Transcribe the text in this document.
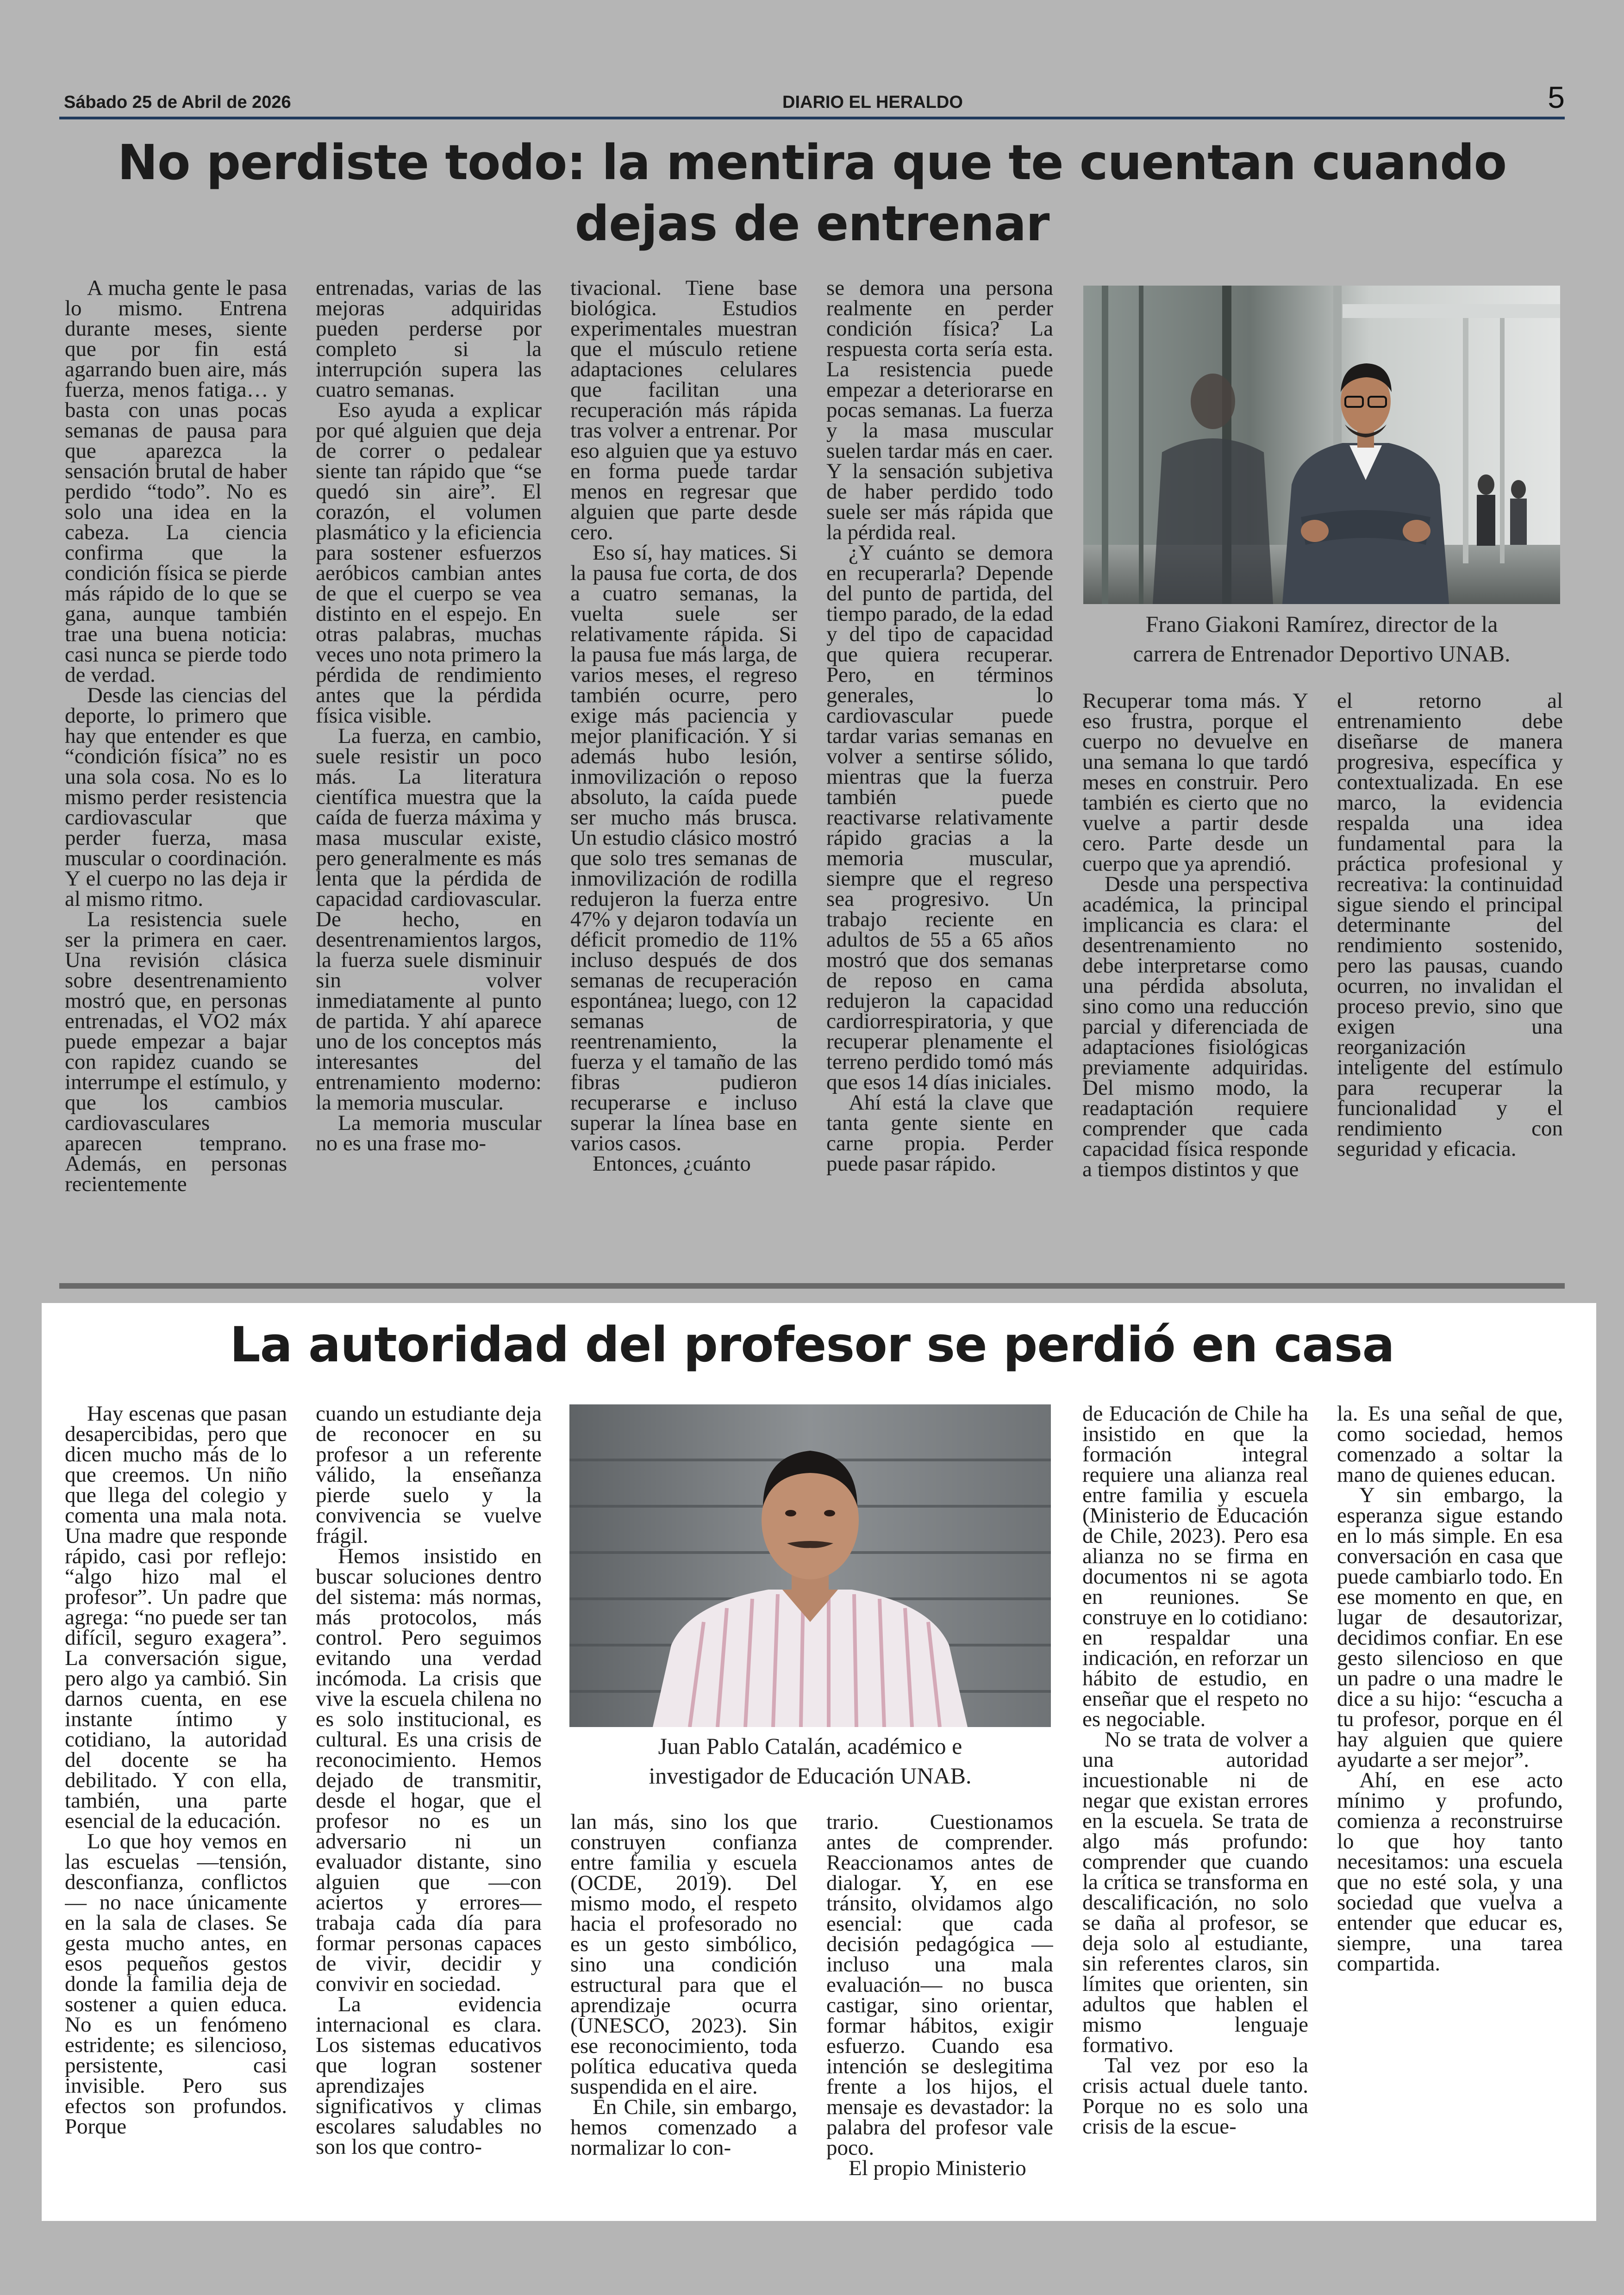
Sábado 25 de Abril de 2026	DIARIO EL HERALDO	5
No perdiste todo: la mentira que te cuentan cuando
dejas de entrenar

A mucha gente le pasa lo mismo. Entrena durante meses, siente que por fin está agarrando buen aire, más fuerza, menos fatiga… y basta con unas pocas semanas de pausa para que aparezca la sensación brutal de haber perdido “todo”. No es solo una idea en la cabeza. La ciencia confirma que la condición física se pierde más rápido de lo que se gana, aunque también trae una buena noticia: casi nunca se pierde todo de verdad.

Desde las ciencias del deporte, lo primero que hay que entender es que “condición física” no es una sola cosa. No es lo mismo perder resistencia cardiovascular que perder fuerza, masa muscular o coordinación. Y el cuerpo no las deja ir al mismo ritmo.

La resistencia suele ser la primera en caer. Una revisión clásica sobre desentrenamiento mostró que, en personas entrenadas, el VO2 máx puede empezar a bajar con rapidez cuando se interrumpe el estímulo, y que los cambios cardiovasculares aparecen temprano. Además, en personas recientemente

entrenadas, varias de las mejoras adquiridas pueden perderse por completo si la interrupción supera las cuatro semanas.

Eso ayuda a explicar por qué alguien que deja de correr o pedalear siente tan rápido que “se quedó sin aire”. El corazón, el volumen plasmático y la eficiencia para sostener esfuerzos aeróbicos cambian antes de que el cuerpo se vea distinto en el espejo. En otras palabras, muchas veces uno nota primero la pérdida de rendimiento antes que la pérdida física visible.

La fuerza, en cambio, suele resistir un poco más. La literatura científica muestra que la caída de fuerza máxima y masa muscular existe, pero generalmente es más lenta que la pérdida de capacidad cardiovascular. De hecho, en desentrenamientos largos, la fuerza suele disminuir sin volver inmediatamente al punto de partida. Y ahí aparece uno de los conceptos más interesantes del entrenamiento moderno: la memoria muscular.

La memoria muscular no es una frase mo-

tivacional. Tiene base biológica. Estudios experimentales muestran que el músculo retiene adaptaciones celulares que facilitan una recuperación más rápida tras volver a entrenar. Por eso alguien que ya estuvo en forma puede tardar menos en regresar que alguien que parte desde cero.

Eso sí, hay matices. Si la pausa fue corta, de dos a cuatro semanas, la vuelta suele ser relativamente rápida. Si la pausa fue más larga, de varios meses, el regreso también ocurre, pero exige más paciencia y mejor planificación. Y si además hubo lesión, inmovilización o reposo absoluto, la caída puede ser mucho más brusca. Un estudio clásico mostró que solo tres semanas de inmovilización de rodilla redujeron la fuerza entre 47% y dejaron todavía un déficit promedio de 11% incluso después de dos semanas de recuperación espontánea; luego, con 12 semanas de reentrenamiento, la fuerza y el tamaño de las fibras pudieron recuperarse e incluso superar la línea base en varios casos.

Entonces, ¿cuánto

se demora una persona realmente en perder condición física? La respuesta corta sería esta. La resistencia puede empezar a deteriorarse en pocas semanas. La fuerza y la masa muscular suelen tardar más en caer. Y la sensación subjetiva de haber perdido todo suele ser más rápida que la pérdida real.

¿Y cuánto se demora en recuperarla? Depende del punto de partida, del tiempo parado, de la edad y del tipo de capacidad que quiera recuperar. Pero, en términos generales, lo cardiovascular puede tardar varias semanas en volver a sentirse sólido, mientras que la fuerza también puede reactivarse relativamente rápido gracias a la memoria muscular, siempre que el regreso sea progresivo. Un trabajo reciente en adultos de 55 a 65 años mostró que dos semanas de reposo en cama redujeron la capacidad cardiorrespiratoria, y que recuperar plenamente el terreno perdido tomó más que esos 14 días iniciales.

Ahí está la clave que tanta gente siente en carne propia. Perder puede pasar rápido.

Frano Giakoni Ramírez, director de la
carrera de Entrenador Deportivo UNAB.

Recuperar toma más. Y eso frustra, porque el cuerpo no devuelve en una semana lo que tardó meses en construir. Pero también es cierto que no vuelve a partir desde cero. Parte desde un cuerpo que ya aprendió.

Desde una perspectiva académica, la principal implicancia es clara: el desentrenamiento no debe interpretarse como una pérdida absoluta, sino como una reducción parcial y diferenciada de adaptaciones fisiológicas previamente adquiridas. Del mismo modo, la readaptación requiere comprender que cada capacidad física responde a tiempos distintos y que

el retorno al entrenamiento debe diseñarse de manera progresiva, específica y contextualizada. En ese marco, la evidencia respalda una idea fundamental para la práctica profesional y recreativa: la continuidad sigue siendo el principal determinante del rendimiento sostenido, pero las pausas, cuando ocurren, no invalidan el proceso previo, sino que exigen una reorganización inteligente del estímulo para recuperar la funcionalidad y el rendimiento con seguridad y eficacia.

La autoridad del profesor se perdió en casa

Hay escenas que pasan desapercibidas, pero que dicen mucho más de lo que creemos. Un niño que llega del colegio y comenta una mala nota. Una madre que responde rápido, casi por reflejo: “algo hizo mal el profesor”. Un padre que agrega: “no puede ser tan difícil, seguro exagera”. La conversación sigue, pero algo ya cambió. Sin darnos cuenta, en ese instante íntimo y cotidiano, la autoridad del docente se ha debilitado. Y con ella, también, una parte esencial de la educación.

Lo que hoy vemos en las escuelas —tensión, desconfianza, conflictos— no nace únicamente en la sala de clases. Se gesta mucho antes, en esos pequeños gestos donde la familia deja de sostener a quien educa. No es un fenómeno estridente; es silencioso, persistente, casi invisible. Pero sus efectos son profundos. Porque

cuando un estudiante deja de reconocer en su profesor a un referente válido, la enseñanza pierde suelo y la convivencia se vuelve frágil.

Hemos insistido en buscar soluciones dentro del sistema: más normas, más protocolos, más control. Pero seguimos evitando una verdad incómoda. La crisis que vive la escuela chilena no es solo institucional, es cultural. Es una crisis de reconocimiento. Hemos dejado de transmitir, desde el hogar, que el profesor no es un adversario ni un evaluador distante, sino alguien que —con aciertos y errores— trabaja cada día para formar personas capaces de vivir, decidir y convivir en sociedad.

La evidencia internacional es clara. Los sistemas educativos que logran sostener aprendizajes significativos y climas escolares saludables no son los que contro-

Juan Pablo Catalán, académico e
investigador de Educación UNAB.

lan más, sino los que construyen confianza entre familia y escuela (OCDE, 2019). Del mismo modo, el respeto hacia el profesorado no es un gesto simbólico, sino una condición estructural para que el aprendizaje ocurra (UNESCO, 2023). Sin ese reconocimiento, toda política educativa queda suspendida en el aire.

En Chile, sin embargo, hemos comenzado a normalizar lo con-

trario. Cuestionamos antes de comprender. Reaccionamos antes de dialogar. Y, en ese tránsito, olvidamos algo esencial: que cada decisión pedagógica —incluso una mala evaluación— no busca castigar, sino orientar, formar hábitos, exigir esfuerzo. Cuando esa intención se deslegitima frente a los hijos, el mensaje es devastador: la palabra del profesor vale poco.

El propio Ministerio

de Educación de Chile ha insistido en que la formación integral requiere una alianza real entre familia y escuela (Ministerio de Educación de Chile, 2023). Pero esa alianza no se firma en documentos ni se agota en reuniones. Se construye en lo cotidiano: en respaldar una indicación, en reforzar un hábito de estudio, en enseñar que el respeto no es negociable.

No se trata de volver a una autoridad incuestionable ni de negar que existan errores en la escuela. Se trata de algo más profundo: comprender que cuando la crítica se transforma en descalificación, no solo se daña al profesor, se deja solo al estudiante, sin referentes claros, sin límites que orienten, sin adultos que hablen el mismo lenguaje formativo.

Tal vez por eso la crisis actual duele tanto. Porque no es solo una crisis de la escue-

la. Es una señal de que, como sociedad, hemos comenzado a soltar la mano de quienes educan.

Y sin embargo, la esperanza sigue estando en lo más simple. En esa conversación en casa que puede cambiarlo todo. En ese momento en que, en lugar de desautorizar, decidimos confiar. En ese gesto silencioso en que un padre o una madre le dice a su hijo: “escucha a tu profesor, porque en él hay alguien que quiere ayudarte a ser mejor”.

Ahí, en ese acto mínimo y profundo, comienza a reconstruirse lo que hoy tanto necesitamos: una escuela que no esté sola, y una sociedad que vuelva a entender que educar es, siempre, una tarea compartida.
